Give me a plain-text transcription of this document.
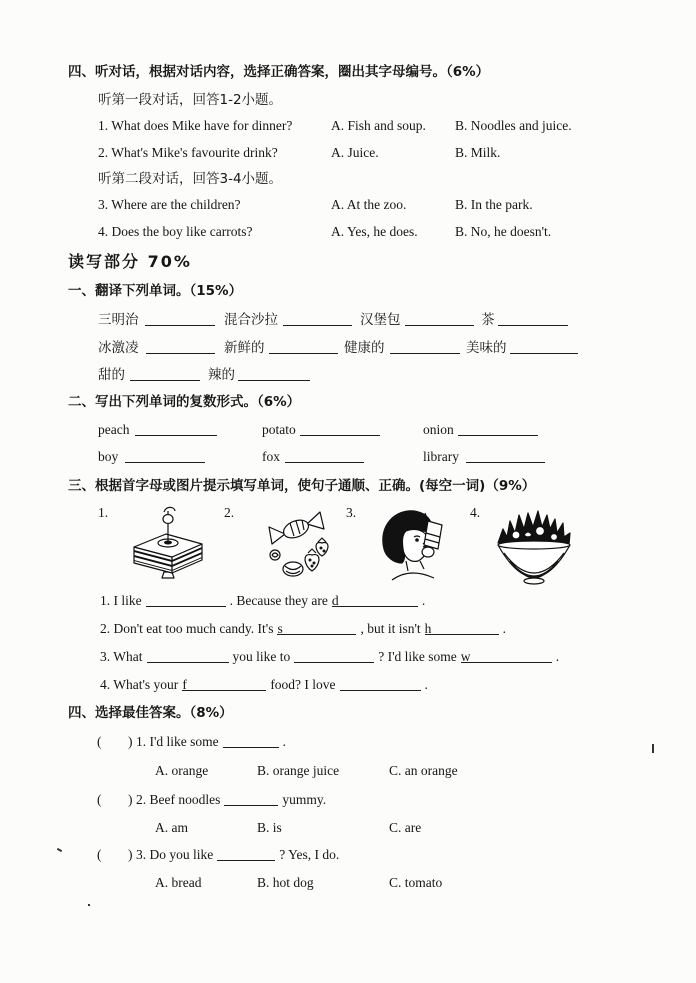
四、听对话，根据对话内容，选择正确答案，圈出其字母编号。（6%）
听第一段对话，回答1-2小题。
1. What does Mike have for dinner?	A. Fish and soup. B. Noodles and juice.
2. What's Mike's favourite drink?	A. Juice.	B. Milk.
听第二段对话，回答3-4小题。
3. Where are the children?	A. At the zoo.	B. In the park.
4. Does the boy like carrots?	A. Yes, he does.	B. No, he doesn't.
读写部分 70%
一、翻译下列单词。（15%）
三明治	混合沙拉	汉堡包	茶
冰激凌	新鲜的	健康的	美味的
甜的	辣的
二、写出下列单词的复数形式。（6%）
peach	potato	onion
boy	fox	library
三、根据首字母或图片提示填写单词，使句子通顺、正确。(每空一词)（9%）
1.	2.	3.	4.
1. I like	. Because they are d	.
2. Don't eat too much candy. It's s	, but it isn't h	.
3. What	you like to	? I'd like some w	.
4. What's your f	food? I love	.
四、选择最佳答案。（8%）
( ) 1. I'd like some	.
A. orange	B. orange juice	C. an orange
( ) 2. Beef noodles	yummy.
A. am	B. is	C. are
( ) 3. Do you like	? Yes, I do.
A. bread	B. hot dog	C. tomato
